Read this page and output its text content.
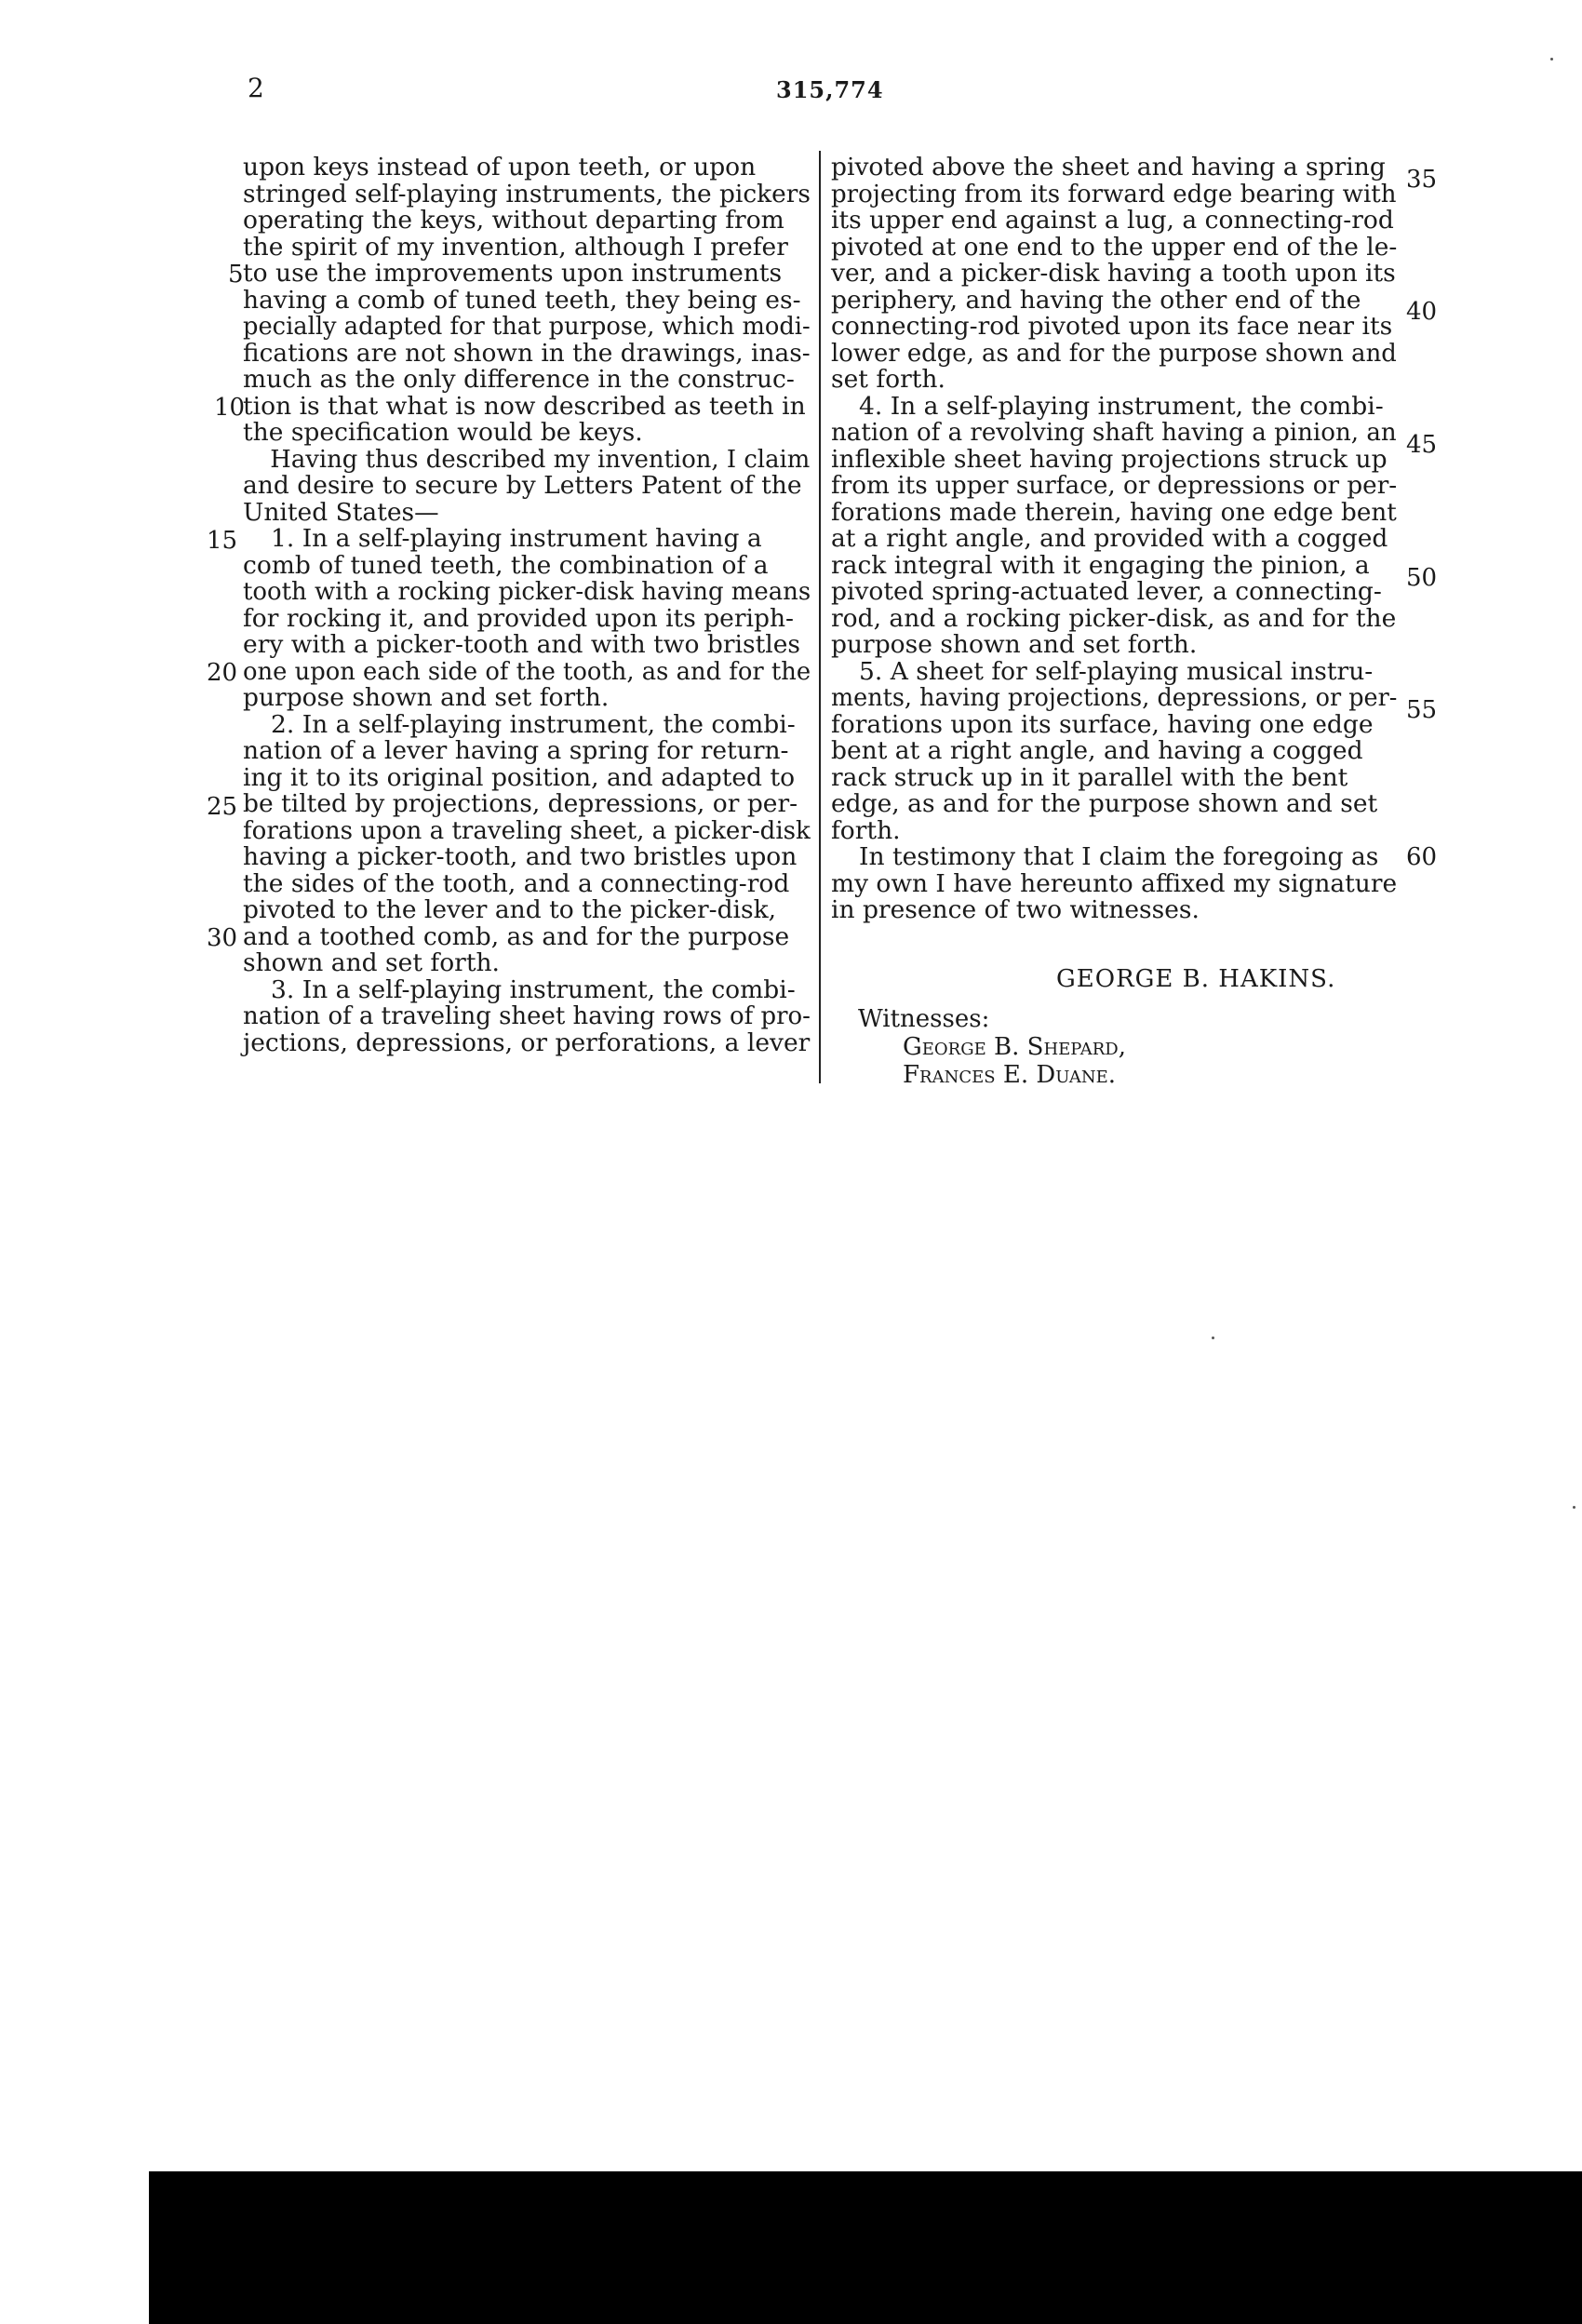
2	315,774
upon keys instead of upon teeth, or upon
stringed self-playing instruments, the pickers
operating the keys, without departing from
the spirit of my invention, although I prefer
to use the improvements upon instruments
having a comb of tuned teeth, they being es-
pecially adapted for that purpose, which modi-
fications are not shown in the drawings, inas-
much as the only difference in the construc-
tion is that what is now described as teeth in
the specification would be keys.
Having thus described my invention, I claim
and desire to secure by Letters Patent of the
United States—
1. In a self-playing instrument having a
comb of tuned teeth, the combination of a
tooth with a rocking picker-disk having means
for rocking it, and provided upon its periph-
ery with a picker-tooth and with two bristles
one upon each side of the tooth, as and for the
purpose shown and set forth.
2. In a self-playing instrument, the combi-
nation of a lever having a spring for return-
ing it to its original position, and adapted to
be tilted by projections, depressions, or per-
forations upon a traveling sheet, a picker-disk
having a picker-tooth, and two bristles upon
the sides of the tooth, and a connecting-rod
pivoted to the lever and to the picker-disk,
and a toothed comb, as and for the purpose
shown and set forth.
3. In a self-playing instrument, the combi-
nation of a traveling sheet having rows of pro-
jections, depressions, or perforations, a lever
5
10
15
20
25
30
pivoted above the sheet and having a spring
projecting from its forward edge bearing with
its upper end against a lug, a connecting-rod
pivoted at one end to the upper end of the le-
ver, and a picker-disk having a tooth upon its
periphery, and having the other end of the
connecting-rod pivoted upon its face near its
lower edge, as and for the purpose shown and
set forth.
4. In a self-playing instrument, the combi-
nation of a revolving shaft having a pinion, an
inflexible sheet having projections struck up
from its upper surface, or depressions or per-
forations made therein, having one edge bent
at a right angle, and provided with a cogged
rack integral with it engaging the pinion, a
pivoted spring-actuated lever, a connecting-
rod, and a rocking picker-disk, as and for the
purpose shown and set forth.
5. A sheet for self-playing musical instru-
ments, having projections, depressions, or per-
forations upon its surface, having one edge
bent at a right angle, and having a cogged
rack struck up in it parallel with the bent
edge, as and for the purpose shown and set
forth.
In testimony that I claim the foregoing as
my own I have hereunto affixed my signature
in presence of two witnesses.
35
40
45
50
55
60
GEORGE B. HAKINS.
Witnesses:
George B. Shepard,
Frances E. Duane.
